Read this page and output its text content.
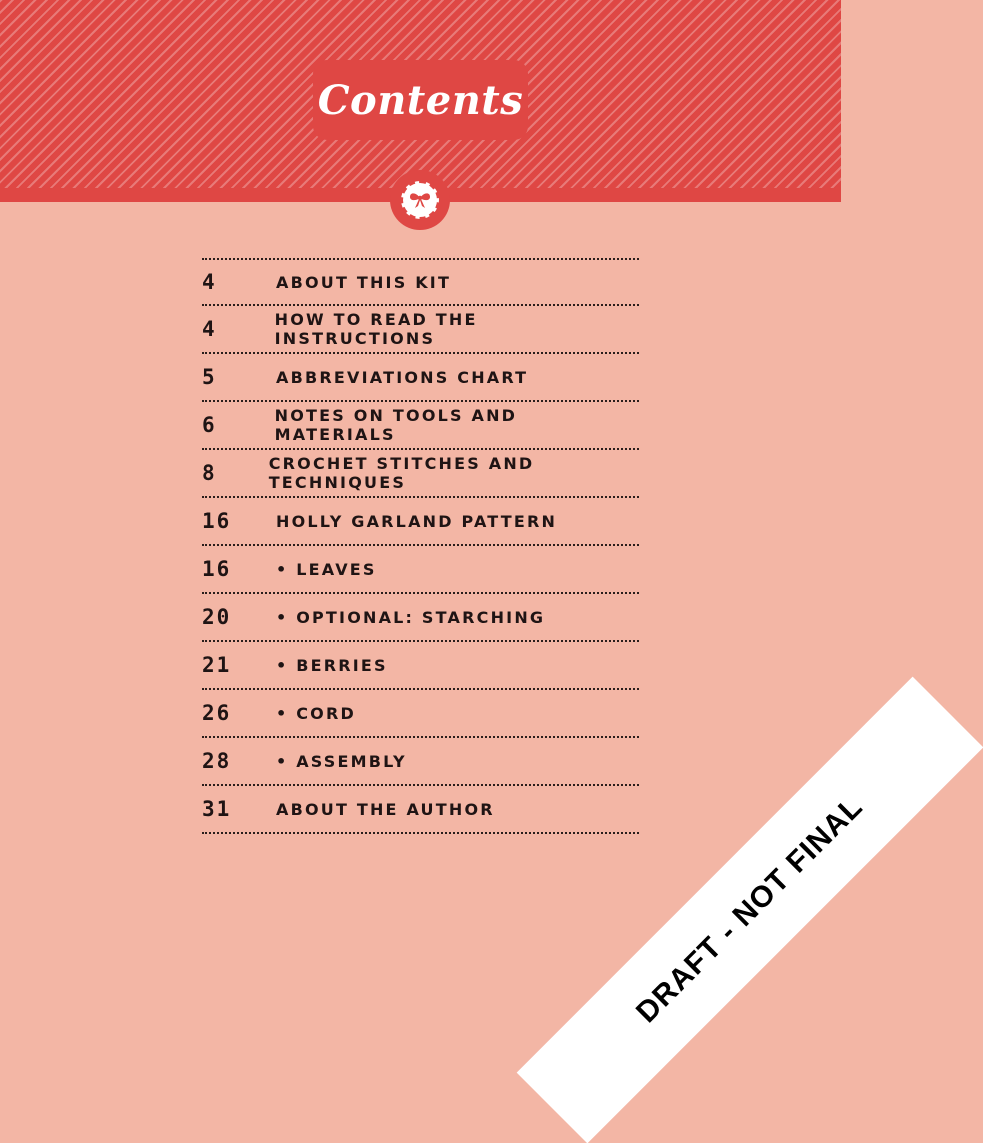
Contents
4	ABOUT THIS KIT
4	HOW TO READ THE INSTRUCTIONS
5	ABBREVIATIONS CHART
6	NOTES ON TOOLS AND MATERIALS
8	CROCHET STITCHES AND TECHNIQUES
16	HOLLY GARLAND PATTERN
16	• LEAVES
20	• OPTIONAL: STARCHING
21	• BERRIES
26	• CORD
28	• ASSEMBLY
31	ABOUT THE AUTHOR	DRAFT - NOT FINAL
